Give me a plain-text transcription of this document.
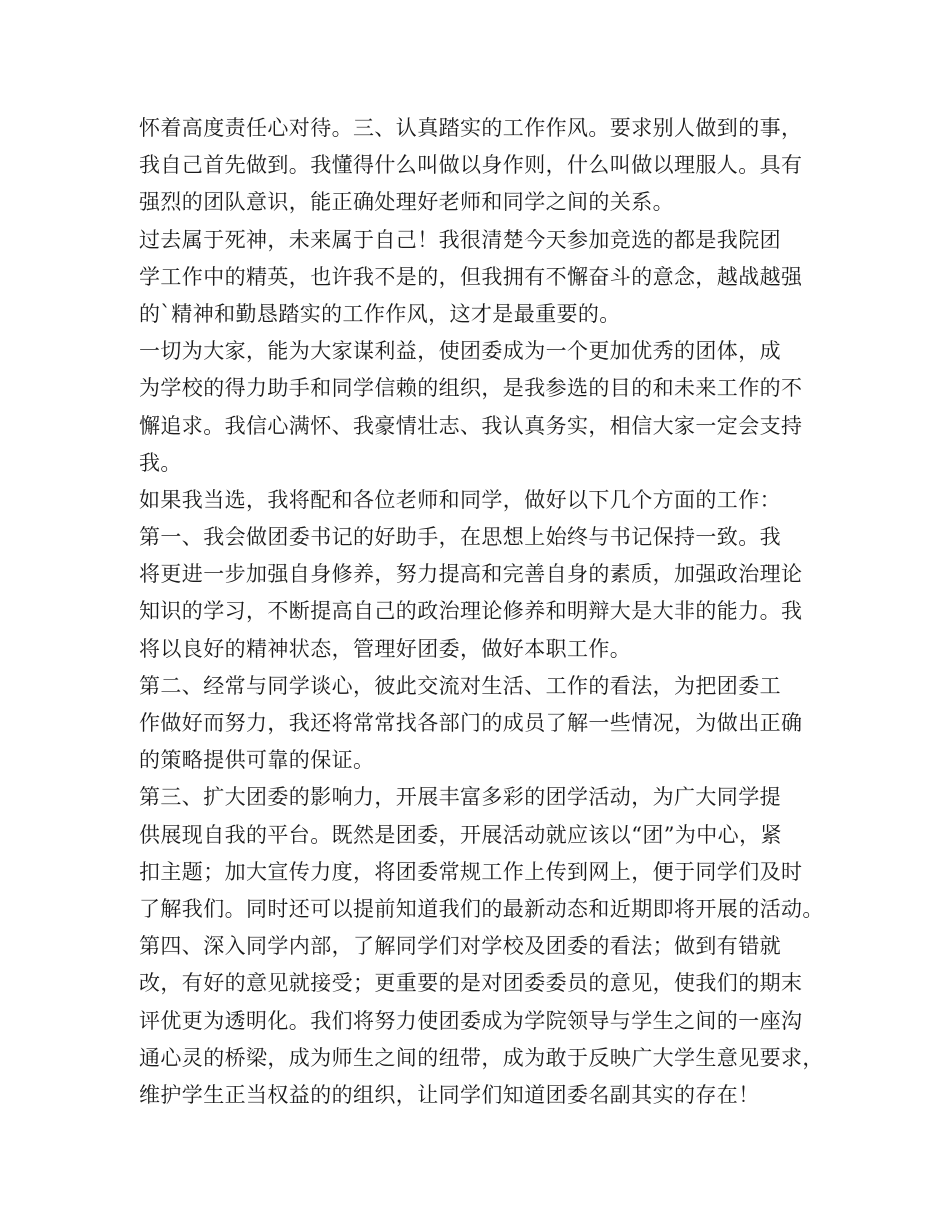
怀着高度责任心对待。三、认真踏实的工作作风。要求别人做到的事，
我自己首先做到。我懂得什么叫做以身作则，什么叫做以理服人。具有
强烈的团队意识，能正确处理好老师和同学之间的关系。
过去属于死神，未来属于自己！我很清楚今天参加竞选的都是我院团
学工作中的精英，也许我不是的，但我拥有不懈奋斗的意念，越战越强
的`精神和勤恳踏实的工作作风，这才是最重要的。
一切为大家，能为大家谋利益，使团委成为一个更加优秀的团体，成
为学校的得力助手和同学信赖的组织，是我参选的目的和未来工作的不
懈追求。我信心满怀、我豪情壮志、我认真务实，相信大家一定会支持
我。
如果我当选，我将配和各位老师和同学，做好以下几个方面的工作：
第一、我会做团委书记的好助手，在思想上始终与书记保持一致。我
将更进一步加强自身修养，努力提高和完善自身的素质，加强政治理论
知识的学习，不断提高自己的政治理论修养和明辩大是大非的能力。我
将以良好的精神状态，管理好团委，做好本职工作。
第二、经常与同学谈心，彼此交流对生活、工作的看法，为把团委工
作做好而努力，我还将常常找各部门的成员了解一些情况，为做出正确
的策略提供可靠的保证。
第三、扩大团委的影响力，开展丰富多彩的团学活动，为广大同学提
供展现自我的平台。既然是团委，开展活动就应该以“团”为中心，紧
扣主题；加大宣传力度，将团委常规工作上传到网上，便于同学们及时
了解我们。同时还可以提前知道我们的最新动态和近期即将开展的活动。
第四、深入同学内部，了解同学们对学校及团委的看法；做到有错就
改，有好的意见就接受；更重要的是对团委委员的意见，使我们的期末
评优更为透明化。我们将努力使团委成为学院领导与学生之间的一座沟
通心灵的桥梁，成为师生之间的纽带，成为敢于反映广大学生意见要求，
维护学生正当权益的的组织，让同学们知道团委名副其实的存在！
